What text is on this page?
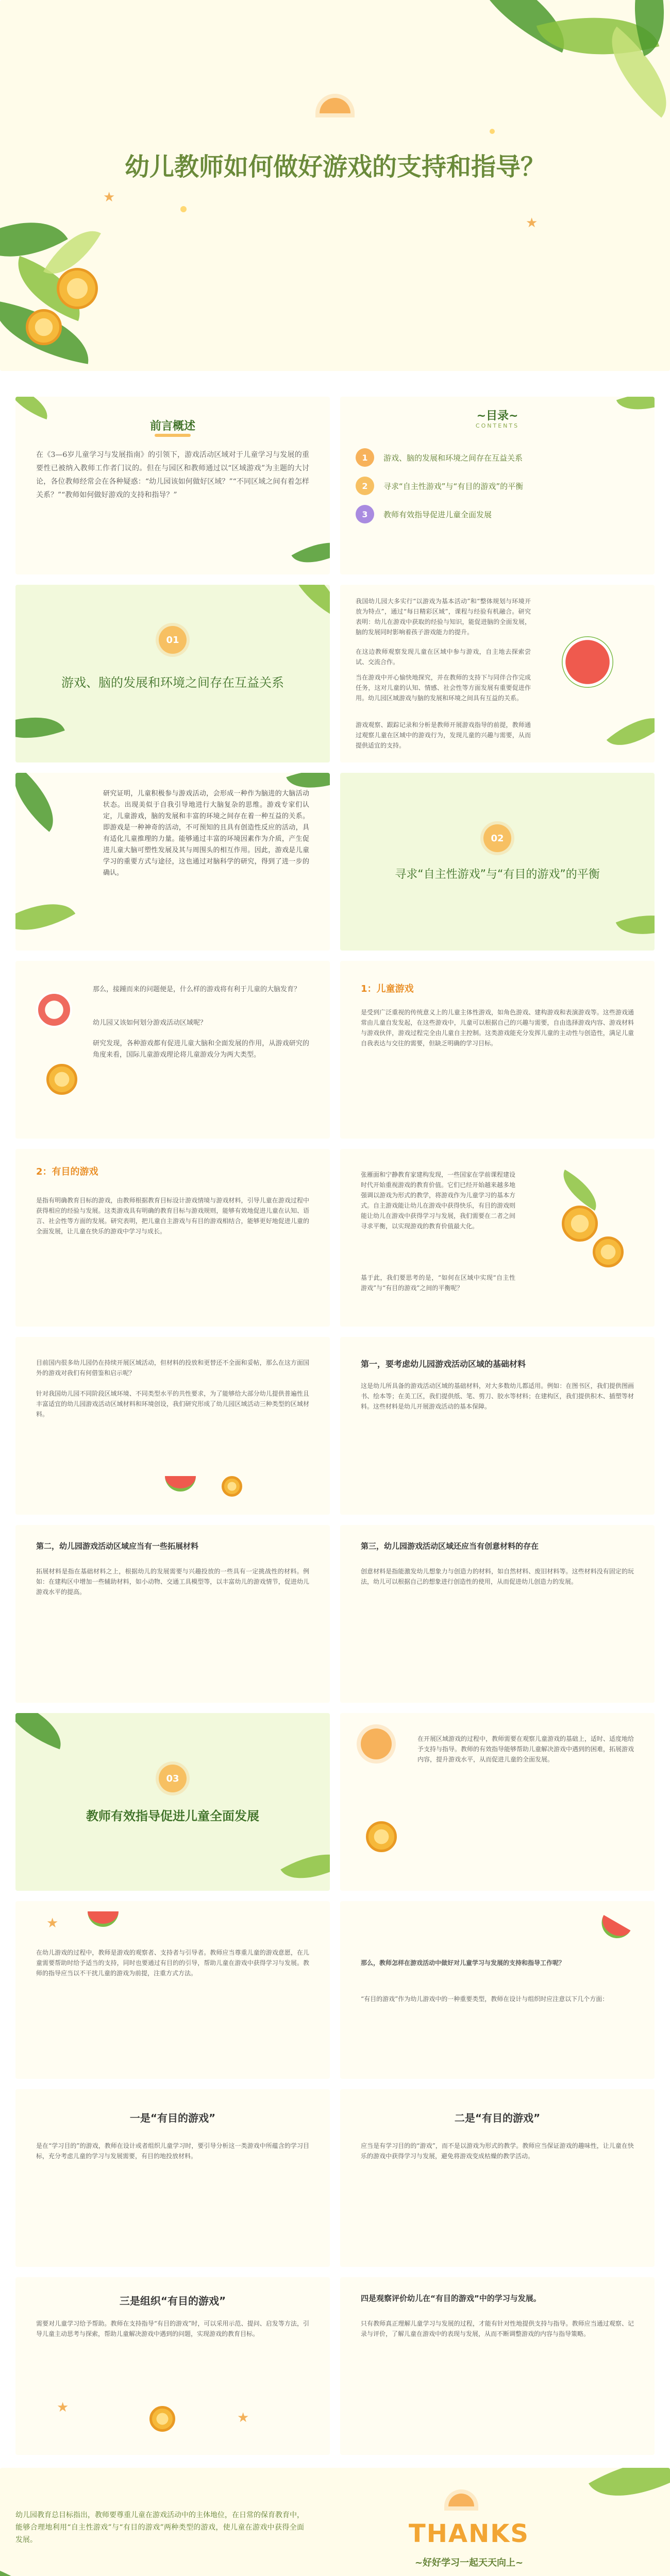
幼儿教师如何做好游戏的支持和指导？
★
★
前言概述
在《3—6岁儿童学习与发展指南》的引领下，游戏活动区域对于儿童学习与发展的重要性已被纳入教师工作者门议的。但在与园区和教师通过以“区域游戏”为主题的大讨论，各位教师经常会在各种疑惑：“幼儿园该如何做好区域？”“不同区域之间有着怎样关系？”“教师如何做好游戏的支持和指导？”
~目录~
CONTENTS
1	游戏、脑的发展和环境之间存在互益关系
2	寻求“自主性游戏”与“有目的游戏”的平衡
3	教师有效指导促进儿童全面发展
01
游戏、脑的发展和环境之间存在互益关系
我国幼儿园大多实行“以游戏为基本活动”和“整体规划与环境开放为特点”，通过“每日精彩区域”，课程与经验有机融合。研究表明：幼儿在游戏中获取的经验与知识，能促进脑的全面发展，脑的发展同时影响着孩子游戏能力的提升。
在这边教师观察发现儿童在区域中参与游戏，自主地去探索尝试、交流合作。
当在游戏中开心愉快地探究，并在教师的支持下与同伴合作完成任务，这对儿童的认知、情感、社会性等方面发展有重要促进作用。幼儿园区域游戏与脑的发展和环境之间具有互益的关系。
游戏观察、跟踪记录和分析是教师开展游戏指导的前提，教师通过观察儿童在区域中的游戏行为，发现儿童的兴趣与需要，从而提供适宜的支持。
研究证明，儿童积极参与游戏活动，会形成一种作为脑进的大脑活动状态。出现美似于自我引导地进行大脑复杂的思维。游戏专家们认定，儿童游戏，脑的发展和丰富的环境之间存在着一种互益的关系。即游戏是一种神奇的活动，不可预知的且具有创造性反应的活动，具有适化儿童推理的力量。能够通过丰富的环境因素作为介质，产生促进儿童大脑可塑性发展及其与周围头的相互作用。因此，游戏是儿童学习的重要方式与途径，这也通过对脑科学的研究，得到了进一步的确认。
02
寻求“自主性游戏”与“有目的游戏”的平衡
那么，接踵而来的问题便是，什么样的游戏将有利于儿童的大脑发育？
幼儿园又该如何划分游戏活动区域呢？
研究发现，各种游戏都有促进儿童大脑和全面发展的作用，从游戏研究的角度来看，国际儿童游戏理论将儿童游戏分为两大类型。
1：儿童游戏
是受到广泛重视的传统意义上的儿童主体性游戏，如角色游戏、建构游戏和表演游戏等。这些游戏通常由儿童自发发起，在这些游戏中，儿童可以根据自己的兴趣与需要，自由选择游戏内容、游戏材料与游戏伙伴，游戏过程完全由儿童自主控制。这类游戏能充分发挥儿童的主动性与创造性，满足儿童自我表达与交往的需要，但缺乏明确的学习目标。
2：有目的游戏
是指有明确教育目标的游戏，由教师根据教育目标设计游戏情境与游戏材料，引导儿童在游戏过程中获得相应的经验与发展。这类游戏具有明确的教育目标与游戏规则，能够有效地促进儿童在认知、语言、社会性等方面的发展。研究表明，把儿童自主游戏与有目的游戏相结合，能够更好地促进儿童的全面发展，让儿童在快乐的游戏中学习与成长。
张雁面和宁静教育家建构发现，一些国家在学前课程建设时代开始重视游戏的教育价值。它们已经开始越来越多地强调以游戏为形式的教学，将游戏作为儿童学习的基本方式。自主游戏能让幼儿在游戏中获得快乐，有目的游戏则能让幼儿在游戏中获得学习与发展，我们需要在二者之间寻求平衡，以实现游戏的教育价值最大化。
基于此，我们要思考的是，“如何在区域中实现“自主性游戏”与“有目的游戏”之间的平衡呢？
目前国内很多幼儿园仍在持续开展区域活动，但材料的投放和更替还不全面和妥帖，那么在这方面国外的游戏对我们有何借鉴和启示呢？

针对我国幼儿园不同阶段区域环境、不同类型水平的共性要求，为了能够给大部分幼儿提供普遍性且丰富适宜的幼儿园游戏活动区域材料和环境创设，我们研究形成了幼儿园区域活动三种类型的区域材料。
第一，要考虑幼儿园游戏活动区域的基础材料
这是幼儿所具备的游戏活动区域的基础材料，对大多数幼儿都适用。例如：在图书区，我们提供图画书、绘本等；在美工区，我们提供纸、笔、剪刀、胶水等材料；在建构区，我们提供积木、插塑等材料。这些材料是幼儿开展游戏活动的基本保障。
第二，幼儿园游戏活动区域应当有一些拓展材料
拓展材料是指在基础材料之上，根据幼儿的发展需要与兴趣投放的一些具有一定挑战性的材料。例如：在建构区中增加一些辅助材料，如小动物、交通工具模型等，以丰富幼儿的游戏情节，促进幼儿游戏水平的提高。
第三，幼儿园游戏活动区域还应当有创意材料的存在
创意材料是指能激发幼儿想象力与创造力的材料，如自然材料、废旧材料等。这些材料没有固定的玩法，幼儿可以根据自己的想象进行创造性的使用，从而促进幼儿创造力的发展。
03
教师有效指导促进儿童全面发展
在开展区域游戏的过程中，教师需要在观察儿童游戏的基础上，适时、适度地给予支持与指导。教师的有效指导能够帮助儿童解决游戏中遇到的困难，拓展游戏内容，提升游戏水平，从而促进儿童的全面发展。
★
在幼儿游戏的过程中，教师是游戏的观察者、支持者与引导者。教师应当尊重儿童的游戏意愿，在儿童需要帮助时给予适当的支持，同时也要通过有目的的引导，帮助儿童在游戏中获得学习与发展。教师的指导应当以不干扰儿童的游戏为前提，注重方式方法。
那么，教师怎样在游戏活动中做好对儿童学习与发展的支持和指导工作呢？
“有目的游戏”作为幼儿游戏中的一种重要类型，教师在设计与组织时应注意以下几个方面：
一是“有目的游戏”
是在“学习目的”的游戏，教师在设计或者组织儿童学习时，要引导分析这一类游戏中所蕴含的学习目标，充分考虑儿童的学习与发展需要，有目的地投放材料。
二是“有目的游戏”
应当是有学习目的的“游戏”，而不是以游戏为形式的教学。教师应当保证游戏的趣味性，让儿童在快乐的游戏中获得学习与发展，避免将游戏变成枯燥的教学活动。
三是组织“有目的游戏”
需要对儿童学习给予帮助。教师在支持指导“有目的游戏”时，可以采用示范、提问、启发等方法，引导儿童主动思考与探索，帮助儿童解决游戏中遇到的问题，实现游戏的教育目标。
★
★
四是观察评价幼儿在“有目的游戏”中的学习与发展。
只有教师真正理解儿童学习与发展的过程，才能有针对性地提供支持与指导。教师应当通过观察、记录与评价，了解儿童在游戏中的表现与发展，从而不断调整游戏的内容与指导策略。
幼儿园教育总目标指出，教师要尊重儿童在游戏活动中的主体地位，在日常的保育教育中，能够合理地利用“自主性游戏”与“有目的游戏”两种类型的游戏，使儿童在游戏中获得全面发展。	THANKS
~好好学习一起天天向上~
